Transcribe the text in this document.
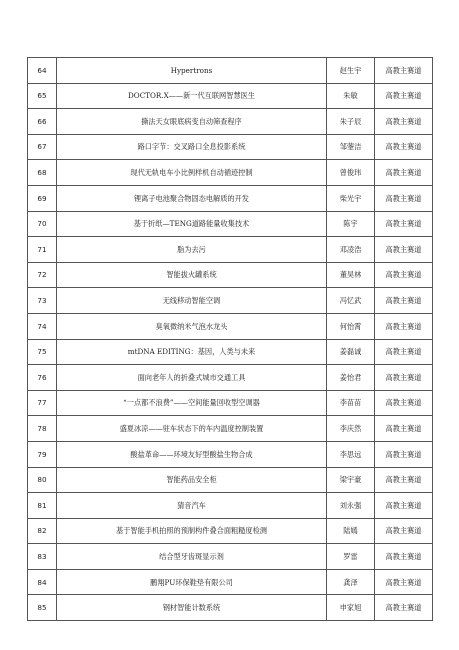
64	Hypertrons	赵生宇	高教主赛道
65	DOCTOR.X——新一代互联网智慧医生	朱敏	高教主赛道
66	撕法天女眼底病变自动筛查程序	朱子辰	高教主赛道
67	路口字节：交叉路口全息投影系统	邹蓥洁	高教主赛道
68	现代无轨电车小比例样机自动循迹控制	曾俊玮	高教主赛道
69	锂离子电池聚合物固态电解质的开发	柴光宇	高教主赛道
70	基于折纸—TENG道路能量收集技术	陈宇	高教主赛道
71	脂为去污	邓凌浩	高教主赛道
72	智能拔火罐系统	董昊林	高教主赛道
73	无线移动智能空调	冯忆武	高教主赛道
74	臭氧微纳米气泡水龙头	何怡霄	高教主赛道
75	mtDNA EDITING：基因，人类与未来	姜磊诚	高教主赛道
76	面向老年人的折叠式城市交通工具	姜怡君	高教主赛道
77	“一点都不浪费”——空间能量回收型空调器	李苗苗	高教主赛道
78	盛夏冰凉——驻车状态下的车内温度控制装置	李庆然	高教主赛道
79	酸盐革命——环境友好型酸盐生物合成	李思远	高教主赛道
80	智能药品安全柜	梁宇豪	高教主赛道
81	猜音汽车	刘永强	高教主赛道
82	基于智能手机拍照的预制构件叠合面粗糙度检测	陆嫣	高教主赛道
83	结合型牙齿斑显示剂	罗雷	高教主赛道
84	鹏翔PU环保鞋垫有限公司	龚泽	高教主赛道
85	钢材智能计数系统	申家旭	高教主赛道
